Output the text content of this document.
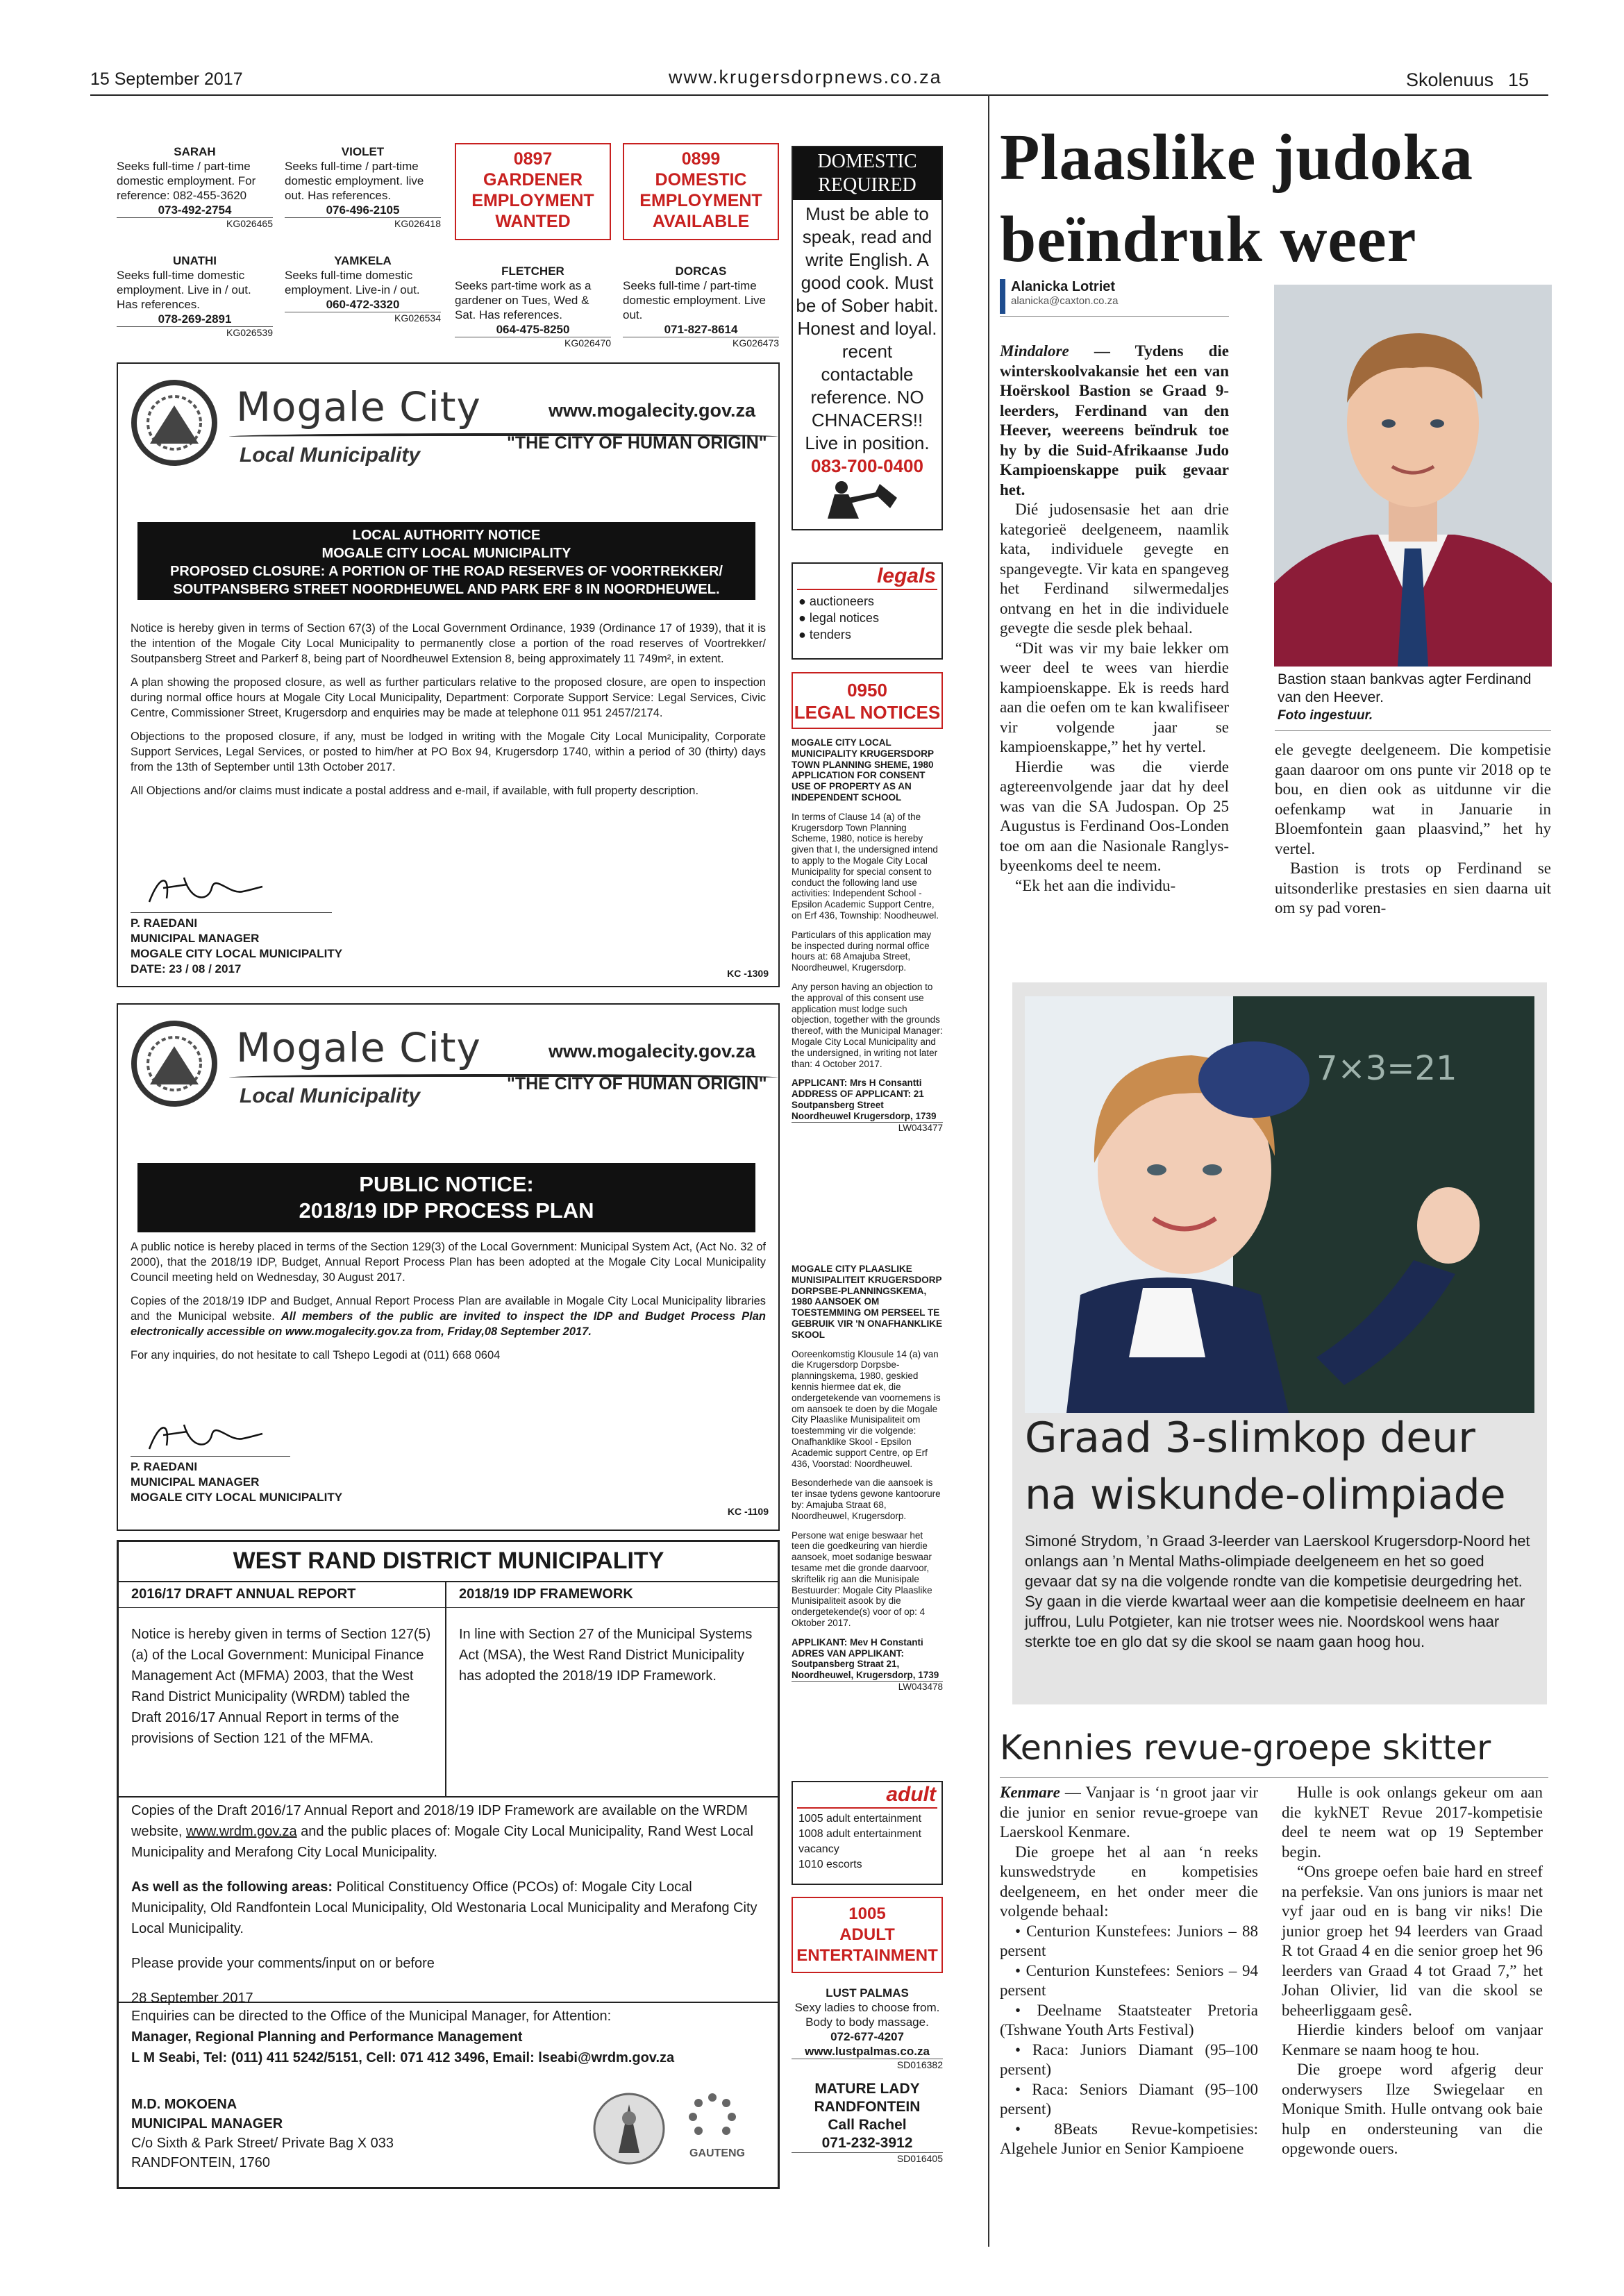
15 September 2017	www.krugersdorpnews.co.za	Skolenuus 15
SARAH
Seeks full-time / part-time domestic employment. For reference: 082-455-3620
073-492-2754
KG026465
VIOLET
Seeks full-time / part-time domestic employment. live out. Has references.
076-496-2105
KG026418
UNATHI
Seeks full-time domestic employment. Live in / out. Has references.
078-269-2891
KG026539
YAMKELA
Seeks full-time domestic employment. Live-in / out.
060-472-3320
KG026534
0897
GARDENER
EMPLOYMENT
WANTED
0899
DOMESTIC
EMPLOYMENT
AVAILABLE
FLETCHER
Seeks part-time work as a gardener on Tues, Wed & Sat. Has references.
064-475-8250
KG026470
DORCAS
Seeks full-time / part-time domestic employment. Live out.
071-827-8614
KG026473
Mogale City
Local Municipality
www.mogalecity.gov.za
"THE CITY OF HUMAN ORIGIN"
LOCAL AUTHORITY NOTICE
MOGALE CITY LOCAL MUNICIPALITY
PROPOSED CLOSURE: A PORTION OF THE ROAD RESERVES OF VOORTREKKER/
SOUTPANSBERG STREET NOORDHEUWEL AND PARK ERF 8 IN NOORDHEUWEL.

Notice is hereby given in terms of Section 67(3) of the Local Government Ordinance, 1939 (Ordinance 17 of 1939), that it is the intention of the Mogale City Local Municipality to permanently close a portion of the road reserves of Voortrekker/ Soutpansberg Street and Parkerf 8, being part of Noordheuwel Extension 8, being approximately 11 749m², in extent.

A plan showing the proposed closure, as well as further particulars relative to the proposed closure, are open to inspection during normal office hours at Mogale City Local Municipality, Department: Corporate Support Service: Legal Services, Civic Centre, Commissioner Street, Krugersdorp and enquiries may be made at telephone 011 951 2457/2174.

Objections to the proposed closure, if any, must be lodged in writing with the Mogale City Local Municipality, Corporate Support Services, Legal Services, or posted to him/her at PO Box 94, Krugersdorp 1740, within a period of 30 (thirty) days from the 13th of September until 13th October 2017.

All Objections and/or claims must indicate a postal address and e-mail, if available, with full property description.

P. RAEDANI
MUNICIPAL MANAGER
MOGALE CITY LOCAL MUNICIPALITY
DATE: 23 / 08 / 2017	KC -1309
Mogale City
Local Municipality
www.mogalecity.gov.za
"THE CITY OF HUMAN ORIGIN"
PUBLIC NOTICE:
2018/19 IDP PROCESS PLAN

A public notice is hereby placed in terms of the Section 129(3) of the Local Government: Municipal System Act, (Act No. 32 of 2000), that the 2018/19 IDP, Budget, Annual Report Process Plan has been adopted at the Mogale City Local Municipality Council meeting held on Wednesday, 30 August 2017.

Copies of the 2018/19 IDP and Budget, Annual Report Process Plan are available in Mogale City Local Municipality libraries and the Municipal website. All members of the public are invited to inspect the IDP and Budget Process Plan electronically accessible on www.mogalecity.gov.za from, Friday,08 September 2017.

For any inquiries, do not hesitate to call Tshepo Legodi at (011) 668 0604

P. RAEDANI
MUNICIPAL MANAGER
MOGALE CITY LOCAL MUNICIPALITY
KC -1109
WEST RAND DISTRICT MUNICIPALITY
2016/17 DRAFT ANNUAL REPORT	2018/19 IDP FRAMEWORK
Notice is hereby given in terms of Section 127(5)(a) of the Local Government: Municipal Finance Management Act (MFMA) 2003, that the West Rand District Municipality (WRDM) tabled the Draft 2016/17 Annual Report in terms of the provisions of Section 121 of the MFMA.
In line with Section 27 of the Municipal Systems Act (MSA), the West Rand District Municipality has adopted the 2018/19 IDP Framework.

Copies of the Draft 2016/17 Annual Report and 2018/19 IDP Framework are available on the WRDM website, www.wrdm.gov.za and the public places of: Mogale City Local Municipality, Rand West Local Municipality and Merafong City Local Municipality.

As well as the following areas: Political Constituency Office (PCOs) of: Mogale City Local Municipality, Old Randfontein Local Municipality, Old Westonaria Local Municipality and Merafong City Local Municipality.

Please provide your comments/input on or before

28 September 2017

Enquiries can be directed to the Office of the Municipal Manager, for Attention:
Manager, Regional Planning and Performance Management
L M Seabi, Tel: (011) 411 5242/5151, Cell: 071 412 3496, Email: lseabi@wrdm.gov.za
M.D. MOKOENA
MUNICIPAL MANAGER
C/o Sixth & Park Street/ Private Bag X 033
RANDFONTEIN, 1760
GAUTENG
DOMESTIC
REQUIRED
Must be able to speak, read and write English. A good cook. Must be of Sober habit. Honest and loyal. recent contactable reference. NO CHNACERS!! Live in position.
083-700-0400
legals
● auctioneers
● legal notices
● tenders
0950
LEGAL NOTICES
MOGALE CITY LOCAL MUNICIPALITY KRUGERSDORP TOWN PLANNING SHEME, 1980 APPLICATION FOR CONSENT USE OF PROPERTY AS AN INDEPENDENT SCHOOL

In terms of Clause 14 (a) of the Krugersdorp Town Planning Scheme, 1980, notice is hereby given that I, the undersigned intend to apply to the Mogale City Local Municipality for special consent to conduct the following land use activities: Independent School - Epsilon Academic Support Centre, on Erf 436, Township: Noodheuwel.

Particulars of this application may be inspected during normal office hours at: 68 Amajuba Street, Noordheuwel, Krugersdorp.

Any person having an objection to the approval of this consent use application must lodge such objection, together with the grounds thereof, with the Municipal Manager: Mogale City Local Municipality and the undersigned, in writing not later than: 4 October 2017.

APPLICANT: Mrs H Consantti ADDRESS OF APPLICANT: 21 Soutpansberg Street Noordheuwel Krugersdorp, 1739
LW043477
MOGALE CITY PLAASLIKE MUNISIPALITEIT KRUGERSDORP DORPSBE-PLANNINGSKEMA, 1980 AANSOEK OM TOESTEMMING OM PERSEEL TE GEBRUIK VIR 'N ONAFHANKLIKE SKOOL

Ooreenkomstig Klousule 14 (a) van die Krugersdorp Dorpsbe-planningskema, 1980, geskied kennis hiermee dat ek, die ondergetekende van voornemens is om aansoek te doen by die Mogale City Plaaslike Munisipaliteit om toestemming vir die volgende: Onafhanklike Skool - Epsilon Academic support Centre, op Erf 436, Voorstad: Noordheuwel.

Besonderhede van die aansoek is ter insae tydens gewone kantoorure by: Amajuba Straat 68, Noordheuwel, Krugersdorp.

Persone wat enige beswaar het teen die goedkeuring van hierdie aansoek, moet sodanige beswaar tesame met die gronde daarvoor, skriftelik rig aan die Munisipale Bestuurder: Mogale City Plaaslike Munisipaliteit asook by die ondergetekende(s) voor of op: 4 Oktober 2017.

APPLIKANT: Mev H Constanti ADRES VAN APPLIKANT: Soutpansberg Straat 21, Noordheuwel, Krugersdorp, 1739
LW043478
adult
1005 adult entertainment
1008 adult entertainment vacancy
1010 escorts
1005
ADULT
ENTERTAINMENT
LUST PALMAS
Sexy ladies to choose from. Body to body massage.
072-677-4207
www.lustpalmas.co.za
SD016382
MATURE LADY
RANDFONTEIN
Call Rachel
071-232-3912
SD016405
Plaaslike judoka
beïndruk weer
Alanicka Lotriet
alanicka@caxton.co.za

Mindalore — Tydens die winterskoolvakansie het een van Hoërskool Bastion se Graad 9-leerders, Ferdinand van den Heever, weereens beïndruk toe hy by die Suid-Afrikaanse Judo Kampioenskappe puik gevaar het.

Dié judosensasie het aan drie kategorieë deelgeneem, naamlik kata, individuele gevegte en spangevegte. Vir kata en spangeveg het Ferdinand silwermedaljes ontvang en het in die individuele gevegte die sesde plek behaal.

“Dit was vir my baie lekker om weer deel te wees van hierdie kampioenskappe. Ek is reeds hard aan die oefen om te kan kwalifiseer vir volgende jaar se kampioenskappe,” het hy vertel.

Hierdie was die vierde agtereenvolgende jaar dat hy deel was van die SA Judospan. Op 25 Augustus is Ferdinand Oos-Londen toe om aan die Nasionale Ranglys-byeenkoms deel te neem.

“Ek het aan die individu-

Bastion staan bankvas agter Ferdinand van den Heever.
Foto ingestuur.

ele gevegte deelgeneem. Die kompetisie gaan daaroor om ons punte vir 2018 op te bou, en dien ook as uitdunne vir die oefenkamp wat in Januarie in Bloemfontein gaan plaasvind,” het hy vertel.

Bastion is trots op Ferdinand se uitsonderlike prestasies en sien daarna uit om sy pad voren-

7×3=21
Graad 3-slimkop deur
na wiskunde-olimpiade
Simoné Strydom, ’n Graad 3-leerder van Laerskool Krugersdorp-Noord het onlangs aan ’n Mental Maths-olimpiade deelgeneem en het so goed gevaar dat sy na die volgende rondte van die kompetisie deurgedring het. Sy gaan in die vierde kwartaal weer aan die kompetisie deelneem en haar juffrou, Lulu Potgieter, kan nie trotser wees nie. Noordskool wens haar sterkte toe en glo dat sy die skool se naam gaan hoog hou.
Kennies revue-groepe skitter

Kenmare — Vanjaar is ‘n groot jaar vir die junior en senior revue-groepe van Laerskool Kenmare.

Die groepe het al aan ‘n reeks kunswedstryde en kompetisies deelgeneem, en het onder meer die volgende behaal:

• Centurion Kunstefees: Juniors – 88 persent

• Centurion Kunstefees: Seniors – 94 persent

• Deelname Staatsteater Pretoria (Tshwane Youth Arts Festival)

• Raca: Juniors Diamant (95–100 persent)

• Raca: Seniors Diamant (95–100 persent)

• 8Beats Revue-kompetisies: Algehele Junior en Senior Kampioene

Hulle is ook onlangs gekeur om aan die kykNET Revue 2017-kompetisie deel te neem wat op 19 September begin.

“Ons groepe oefen baie hard en streef na perfeksie. Van ons juniors is maar net vyf jaar oud en is bang vir niks! Die junior groep het 94 leerders van Graad R tot Graad 4 en die senior groep het 96 leerders van Graad 4 tot Graad 7,” het Johan Olivier, lid van die skool se beheerliggaam gesê.

Hierdie kinders beloof om vanjaar Kenmare se naam hoog te hou.

Die groepe word afgerig deur onderwysers Ilze Swiegelaar en Monique Smith. Hulle ontvang ook baie hulp en ondersteuning van die opgewonde ouers.
